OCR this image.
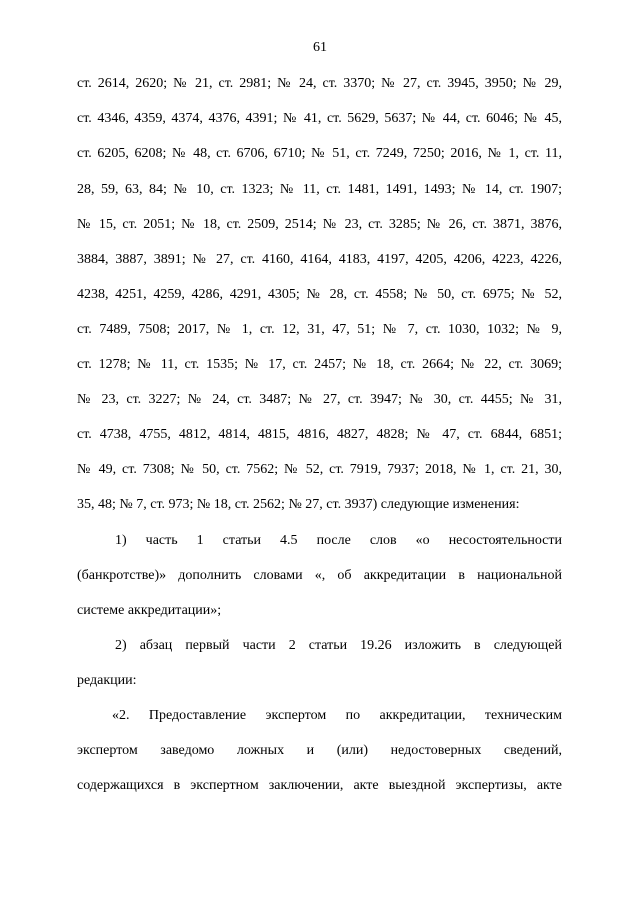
61
ст. 2614, 2620; № 21, ст. 2981; № 24, ст. 3370; № 27, ст. 3945, 3950; № 29,
ст. 4346, 4359, 4374, 4376, 4391; № 41, ст. 5629, 5637; № 44, ст. 6046; № 45,
ст. 6205, 6208; № 48, ст. 6706, 6710; № 51, ст. 7249, 7250; 2016, № 1, ст. 11,
28, 59, 63, 84; № 10, ст. 1323; № 11, ст. 1481, 1491, 1493; № 14, ст. 1907;
№ 15, ст. 2051; № 18, ст. 2509, 2514; № 23, ст. 3285; № 26, ст. 3871, 3876,
3884, 3887, 3891; № 27, ст. 4160, 4164, 4183, 4197, 4205, 4206, 4223, 4226,
4238, 4251, 4259, 4286, 4291, 4305; № 28, ст. 4558; № 50, ст. 6975; № 52,
ст. 7489, 7508; 2017, № 1, ст. 12, 31, 47, 51; № 7, ст. 1030, 1032; № 9,
ст. 1278; № 11, ст. 1535; № 17, ст. 2457; № 18, ст. 2664; № 22, ст. 3069;
№ 23, ст. 3227; № 24, ст. 3487; № 27, ст. 3947; № 30, ст. 4455; № 31,
ст. 4738, 4755, 4812, 4814, 4815, 4816, 4827, 4828; № 47, ст. 6844, 6851;
№ 49, ст. 7308; № 50, ст. 7562; № 52, ст. 7919, 7937; 2018, № 1, ст. 21, 30,
35, 48; № 7, ст. 973; № 18, ст. 2562; № 27, ст. 3937) следующие изменения:
1) часть 1 статьи 4.5 после слов «о несостоятельности
(банкротстве)» дополнить словами «, об аккредитации в национальной
системе аккредитации»;
2) абзац первый части 2 статьи 19.26 изложить в следующей
редакции:
«2. Предоставление экспертом по аккредитации, техническим
экспертом заведомо ложных и (или) недостоверных сведений,
содержащихся в экспертном заключении, акте выездной экспертизы, акте
